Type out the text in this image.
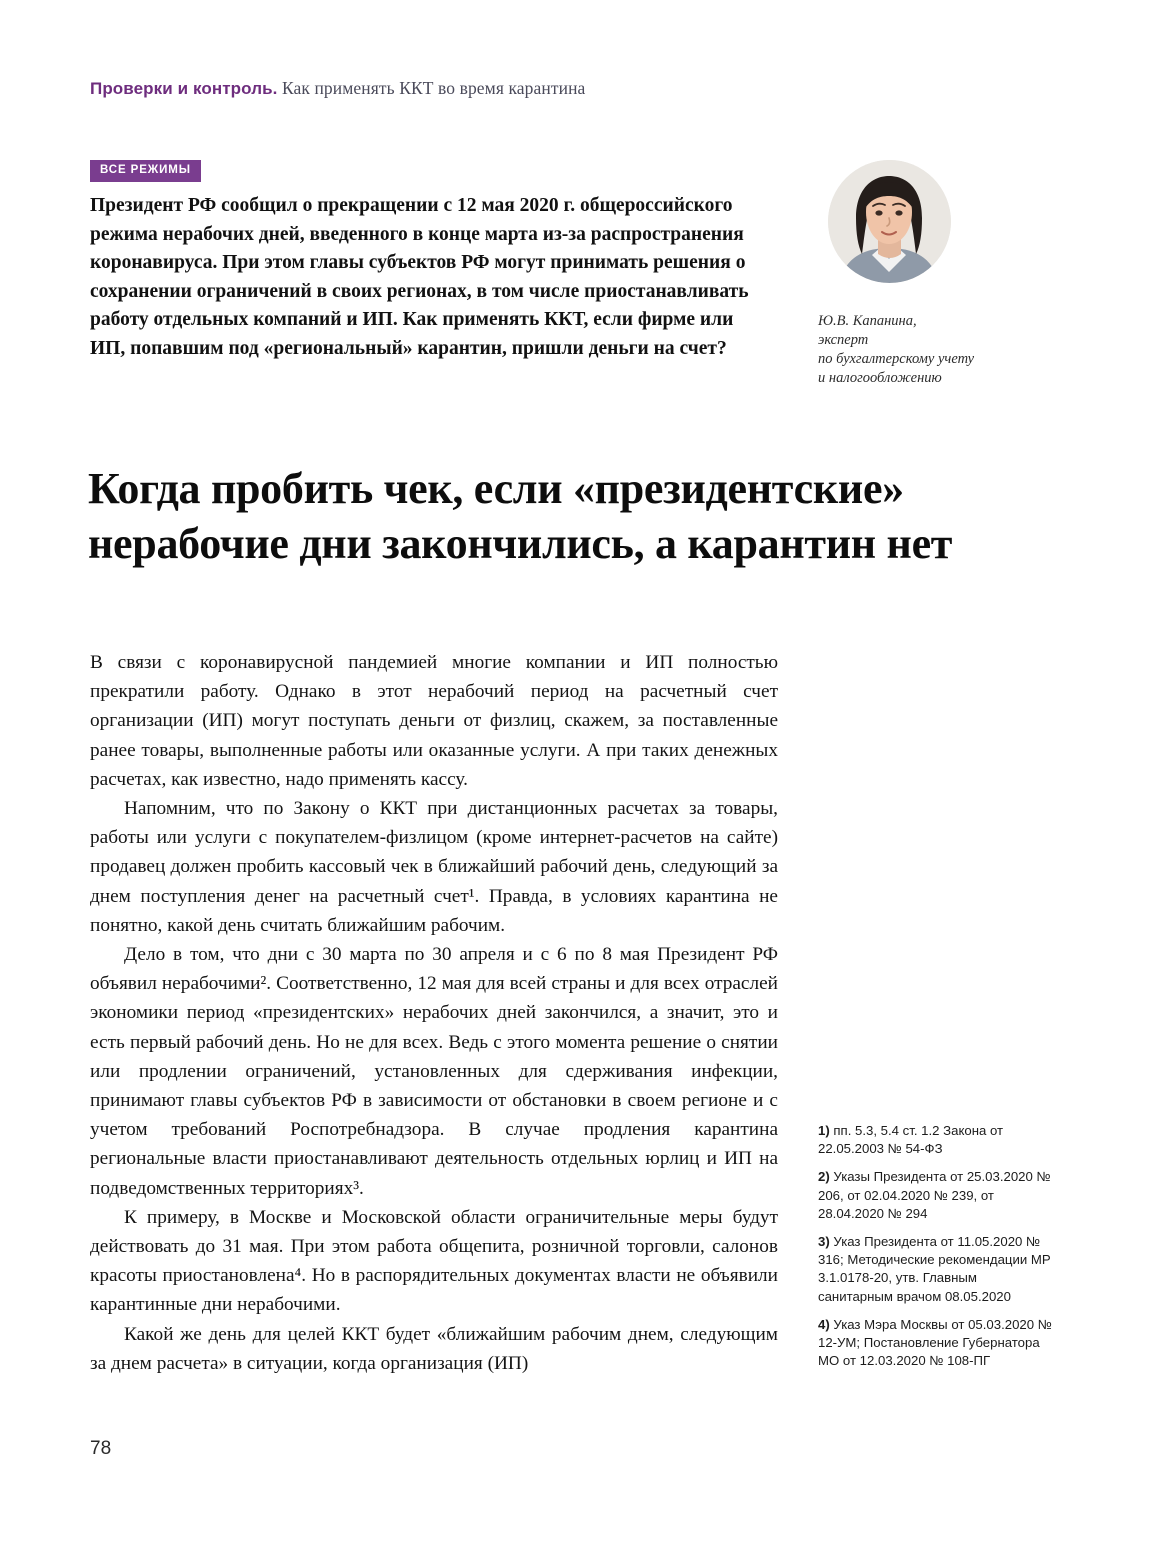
Проверки и контроль. Как применять ККТ во время карантина
ВСЕ РЕЖИМЫ
Президент РФ сообщил о прекращении с 12 мая 2020 г. общероссийского режима нерабочих дней, введенного в конце марта из-за распространения коронавируса. При этом главы субъектов РФ могут принимать решения о сохранении ограничений в своих регионах, в том числе приостанавливать работу отдельных компаний и ИП. Как применять ККТ, если фирме или ИП, попавшим под «региональный» карантин, пришли деньги на счет?
Ю.В. Капанина,
эксперт
по бухгалтерскому учету
и налогообложению
Когда пробить чек, если «президентские» нерабочие дни закончились, а карантин нет

В связи с коронавирусной пандемией многие компании и ИП полностью прекратили работу. Однако в этот нерабочий период на расчетный счет организации (ИП) могут поступать деньги от физлиц, скажем, за поставленные ранее товары, выполненные работы или оказанные услуги. А при таких денежных расчетах, как известно, надо применять кассу.

Напомним, что по Закону о ККТ при дистанционных расчетах за товары, работы или услуги с покупателем-физлицом (кроме интернет-расчетов на сайте) продавец должен пробить кассовый чек в ближайший рабочий день, следующий за днем поступления денег на расчетный счет¹. Правда, в условиях карантина не понятно, какой день считать ближайшим рабочим.

Дело в том, что дни с 30 марта по 30 апреля и с 6 по 8 мая Президент РФ объявил нерабочими². Соответственно, 12 мая для всей страны и для всех отраслей экономики период «президентских» нерабочих дней закончился, а значит, это и есть первый рабочий день. Но не для всех. Ведь с этого момента решение о снятии или продлении ограничений, установленных для сдерживания инфекции, принимают главы субъектов РФ в зависимости от обстановки в своем регионе и с учетом требований Роспотребнадзора. В случае продления карантина региональные власти приостанавливают деятельность отдельных юрлиц и ИП на подведомственных территориях³.

К примеру, в Москве и Московской области ограничительные меры будут действовать до 31 мая. При этом работа общепита, розничной торговли, салонов красоты приостановлена⁴. Но в распорядительных документах власти не объявили карантинные дни нерабочими.

Какой же день для целей ККТ будет «ближайшим рабочим днем, следующим за днем расчета» в ситуации, когда организация (ИП)

1) пп. 5.3, 5.4 ст. 1.2 Закона от 22.05.2003 № 54-ФЗ
2) Указы Президента от 25.03.2020 № 206, от 02.04.2020 № 239, от 28.04.2020 № 294
3) Указ Президента от 11.05.2020 № 316; Методические рекомендации МР 3.1.0178-20, утв. Главным санитарным врачом 08.05.2020
4) Указ Мэра Москвы от 05.03.2020 № 12-УМ; Постановление Губернатора МО от 12.03.2020 № 108-ПГ
78
